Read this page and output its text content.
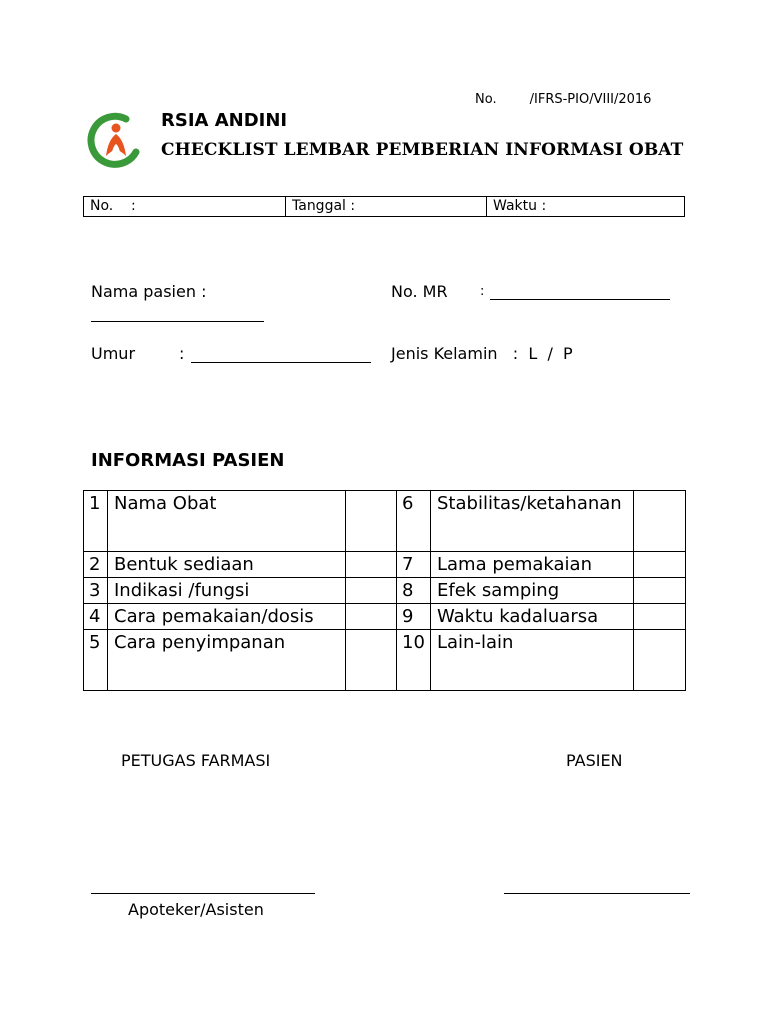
No.        /IFRS-PIO/VIII/2016
RSIA ANDINI
CHECKLIST LEMBAR PEMBERIAN INFORMASI OBAT
No.    :	Tanggal :	Waktu :
Nama pasien :	No. MR :
Umur	:	Jenis Kelamin   :  L  /  P
INFORMASI PASIEN
1	Nama Obat		6	Stabilitas/ketahanan	
2	Bentuk sediaan		7	Lama pemakaian	
3	Indikasi /fungsi		8	Efek samping	
4	Cara pemakaian/dosis		9	Waktu kadaluarsa	
5	Cara penyimpanan		10	Lain-lain	
PETUGAS FARMASI	PASIEN
Apoteker/Asisten
